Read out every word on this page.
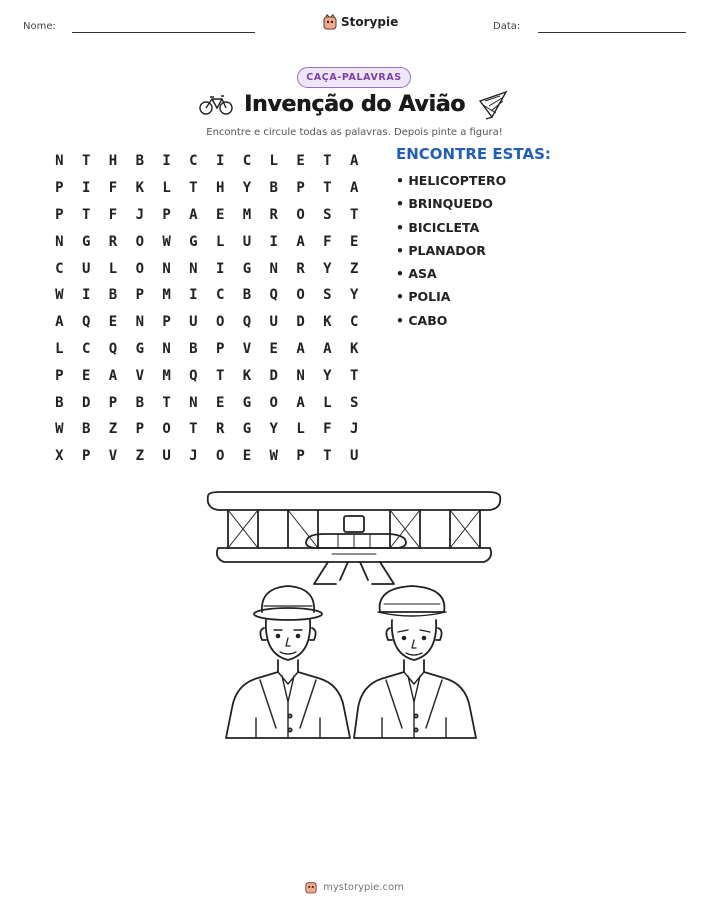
Nome:	Storypie	Data:
CAÇA-PALAVRAS
Invenção do Avião
Encontre e circule todas as palavras. Depois pinte a figura!
N	T	H	B	I	C	I	C	L	E	T	A
P	I	F	K	L	T	H	Y	B	P	T	A
P	T	F	J	P	A	E	M	R	O	S	T
N	G	R	O	W	G	L	U	I	A	F	E
C	U	L	O	N	N	I	G	N	R	Y	Z
W	I	B	P	M	I	C	B	Q	O	S	Y
A	Q	E	N	P	U	O	Q	U	D	K	C
L	C	Q	G	N	B	P	V	E	A	A	K
P	E	A	V	M	Q	T	K	D	N	Y	T
B	D	P	B	T	N	E	G	O	A	L	S
W	B	Z	P	O	T	R	G	Y	L	F	J
X	P	V	Z	U	J	O	E	W	P	T	U
ENCONTRE ESTAS:
• HELICOPTERO
• BRINQUEDO
• BICICLETA
• PLANADOR
• ASA
• POLIA
• CABO
mystorypie.com
